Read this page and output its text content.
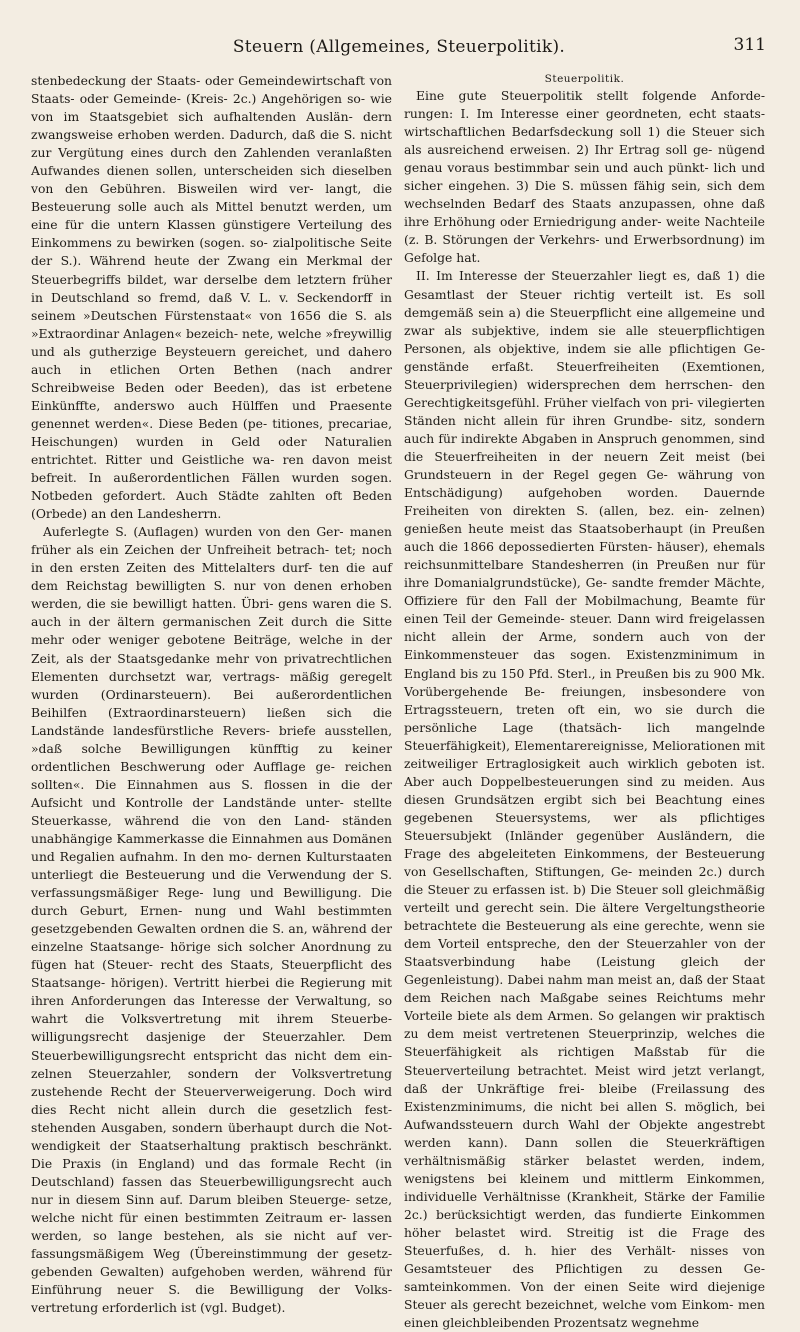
Steuern (Allgemeines, Steuerpolitik).	311

stenbedeckung der Staats- oder Gemeindewirtschaft von Staats- oder Gemeinde- (Kreis- 2c.) Angehörigen so- wie von im Staatsgebiet sich aufhaltenden Auslän- dern zwangsweise erhoben werden. Dadurch, daß die S. nicht zur Vergütung eines durch den Zahlenden veranlaßten Aufwandes dienen sollen, unterscheiden sich dieselben von den Gebühren. Bisweilen wird ver- langt, die Besteuerung solle auch als Mittel benutzt werden, um eine für die untern Klassen günstigere Verteilung des Einkommens zu bewirken (sogen. so- zialpolitische Seite der S.). Während heute der Zwang ein Merkmal der Steuerbegriffs bildet, war derselbe dem letztern früher in Deutschland so fremd, daß V. L. v. Seckendorff in seinem »Deutschen Fürstenstaat« von 1656 die S. als »Extraordinar Anlagen« bezeich- nete, welche »freywillig und als gutherzige Beysteuern gereichet, und dahero auch in etlichen Orten Bethen (nach andrer Schreibweise Beden oder Beeden), das ist erbetene Einkünffte, anderswo auch Hülffen und Praesente genennet werden«. Diese Beden (pe- titiones, precariae, Heischungen) wurden in Geld oder Naturalien entrichtet. Ritter und Geistliche wa- ren davon meist befreit. In außerordentlichen Fällen wurden sogen. Notbeden gefordert. Auch Städte zahlten oft Beden (Orbede) an den Landesherrn.

Auferlegte S. (Auflagen) wurden von den Ger- manen früher als ein Zeichen der Unfreiheit betrach- tet; noch in den ersten Zeiten des Mittelalters durf- ten die auf dem Reichstag bewilligten S. nur von denen erhoben werden, die sie bewilligt hatten. Übri- gens waren die S. auch in der ältern germanischen Zeit durch die Sitte mehr oder weniger gebotene Beiträge, welche in der Zeit, als der Staatsgedanke mehr von privatrechtlichen Elementen durchsetzt war, vertrags- mäßig geregelt wurden (Ordinarsteuern). Bei außerordentlichen Beihilfen (Extraordinarsteuern) ließen sich die Landstände landesfürstliche Revers- briefe ausstellen, »daß solche Bewilligungen künfftig zu keiner ordentlichen Beschwerung oder Aufflage ge- reichen sollten«. Die Einnahmen aus S. flossen in die der Aufsicht und Kontrolle der Landstände unter- stellte Steuerkasse, während die von den Land- ständen unabhängige Kammerkasse die Einnahmen aus Domänen und Regalien aufnahm. In den mo- dernen Kulturstaaten unterliegt die Besteuerung und die Verwendung der S. verfassungsmäßiger Rege- lung und Bewilligung. Die durch Geburt, Ernen- nung und Wahl bestimmten gesetzgebenden Gewalten ordnen die S. an, während der einzelne Staatsange- hörige sich solcher Anordnung zu fügen hat (Steuer- recht des Staats, Steuerpflicht des Staatsange- hörigen). Vertritt hierbei die Regierung mit ihren Anforderungen das Interesse der Verwaltung, so wahrt die Volksvertretung mit ihrem Steuerbe- willigungsrecht dasjenige der Steuerzahler. Dem Steuerbewilligungsrecht entspricht das nicht dem ein- zelnen Steuerzahler, sondern der Volksvertretung zustehende Recht der Steuerverweigerung. Doch wird dies Recht nicht allein durch die gesetzlich fest- stehenden Ausgaben, sondern überhaupt durch die Not- wendigkeit der Staatserhaltung praktisch beschränkt. Die Praxis (in England) und das formale Recht (in Deutschland) fassen das Steuerbewilligungsrecht auch nur in diesem Sinn auf. Darum bleiben Steuerge- setze, welche nicht für einen bestimmten Zeitraum er- lassen werden, so lange bestehen, als sie nicht auf ver- fassungsmäßigem Weg (Übereinstimmung der gesetz- gebenden Gewalten) aufgehoben werden, während für Einführung neuer S. die Bewilligung der Volks- vertretung erforderlich ist (vgl. Budget).

Steuerpolitik.

Eine gute Steuerpolitik stellt folgende Anforde- rungen: I. Im Interesse einer geordneten, echt staats- wirtschaftlichen Bedarfsdeckung soll 1) die Steuer sich als ausreichend erweisen. 2) Ihr Ertrag soll ge- nügend genau voraus bestimmbar sein und auch pünkt- lich und sicher eingehen. 3) Die S. müssen fähig sein, sich dem wechselnden Bedarf des Staats anzupassen, ohne daß ihre Erhöhung oder Erniedrigung ander- weite Nachteile (z. B. Störungen der Verkehrs- und Erwerbsordnung) im Gefolge hat.

II. Im Interesse der Steuerzahler liegt es, daß 1) die Gesamtlast der Steuer richtig verteilt ist. Es soll demgemäß sein a) die Steuerpflicht eine allgemeine und zwar als subjektive, indem sie alle steuerpflichtigen Personen, als objektive, indem sie alle pflichtigen Ge- genstände erfaßt. Steuerfreiheiten (Exemtionen, Steuerprivilegien) widersprechen dem herrschen- den Gerechtigkeitsgefühl. Früher vielfach von pri- vilegierten Ständen nicht allein für ihren Grundbe- sitz, sondern auch für indirekte Abgaben in Anspruch genommen, sind die Steuerfreiheiten in der neuern Zeit meist (bei Grundsteuern in der Regel gegen Ge- währung von Entschädigung) aufgehoben worden. Dauernde Freiheiten von direkten S. (allen, bez. ein- zelnen) genießen heute meist das Staatsoberhaupt (in Preußen auch die 1866 depossedierten Fürsten- häuser), ehemals reichsunmittelbare Standesherren (in Preußen nur für ihre Domanialgrundstücke), Ge- sandte fremder Mächte, Offiziere für den Fall der Mobilmachung, Beamte für einen Teil der Gemeinde- steuer. Dann wird freigelassen nicht allein der Arme, sondern auch von der Einkommensteuer das sogen. Existenzminimum in England bis zu 150 Pfd. Sterl., in Preußen bis zu 900 Mk. Vorübergehende Be- freiungen, insbesondere von Ertragssteuern, treten oft ein, wo sie durch die persönliche Lage (thatsäch- lich mangelnde Steuerfähigkeit), Elementarereignisse, Meliorationen mit zeitweiliger Ertraglosigkeit auch wirklich geboten ist. Aber auch Doppelbesteuerungen sind zu meiden. Aus diesen Grundsätzen ergibt sich bei Beachtung eines gegebenen Steuersystems, wer als pflichtiges Steuersubjekt (Inländer gegenüber Ausländern, die Frage des abgeleiteten Einkommens, der Besteuerung von Gesellschaften, Stiftungen, Ge- meinden 2c.) durch die Steuer zu erfassen ist. b) Die Steuer soll gleichmäßig verteilt und gerecht sein. Die ältere Vergeltungstheorie betrachtete die Besteuerung als eine gerechte, wenn sie dem Vorteil entspreche, den der Steuerzahler von der Staatsverbindung habe (Leistung gleich der Gegenleistung). Dabei nahm man meist an, daß der Staat dem Reichen nach Maßgabe seines Reichtums mehr Vorteile biete als dem Armen. So gelangen wir praktisch zu dem meist vertretenen Steuerprinzip, welches die Steuerfähigkeit als richtigen Maßstab für die Steuerverteilung betrachtet. Meist wird jetzt verlangt, daß der Unkräftige frei- bleibe (Freilassung des Existenzminimums, die nicht bei allen S. möglich, bei Aufwandssteuern durch Wahl der Objekte angestrebt werden kann). Dann sollen die Steuerkräftigen verhältnismäßig stärker belastet werden, indem, wenigstens bei kleinem und mittlerm Einkommen, individuelle Verhältnisse (Krankheit, Stärke der Familie 2c.) berücksichtigt werden, das fundierte Einkommen höher belastet wird. Streitig ist die Frage des Steuerfußes, d. h. hier des Verhält- nisses von Gesamtsteuer des Pflichtigen zu dessen Ge- samteinkommen. Von der einen Seite wird diejenige Steuer als gerecht bezeichnet, welche vom Einkom- men einen gleichbleibenden Prozentsatz wegnehme
